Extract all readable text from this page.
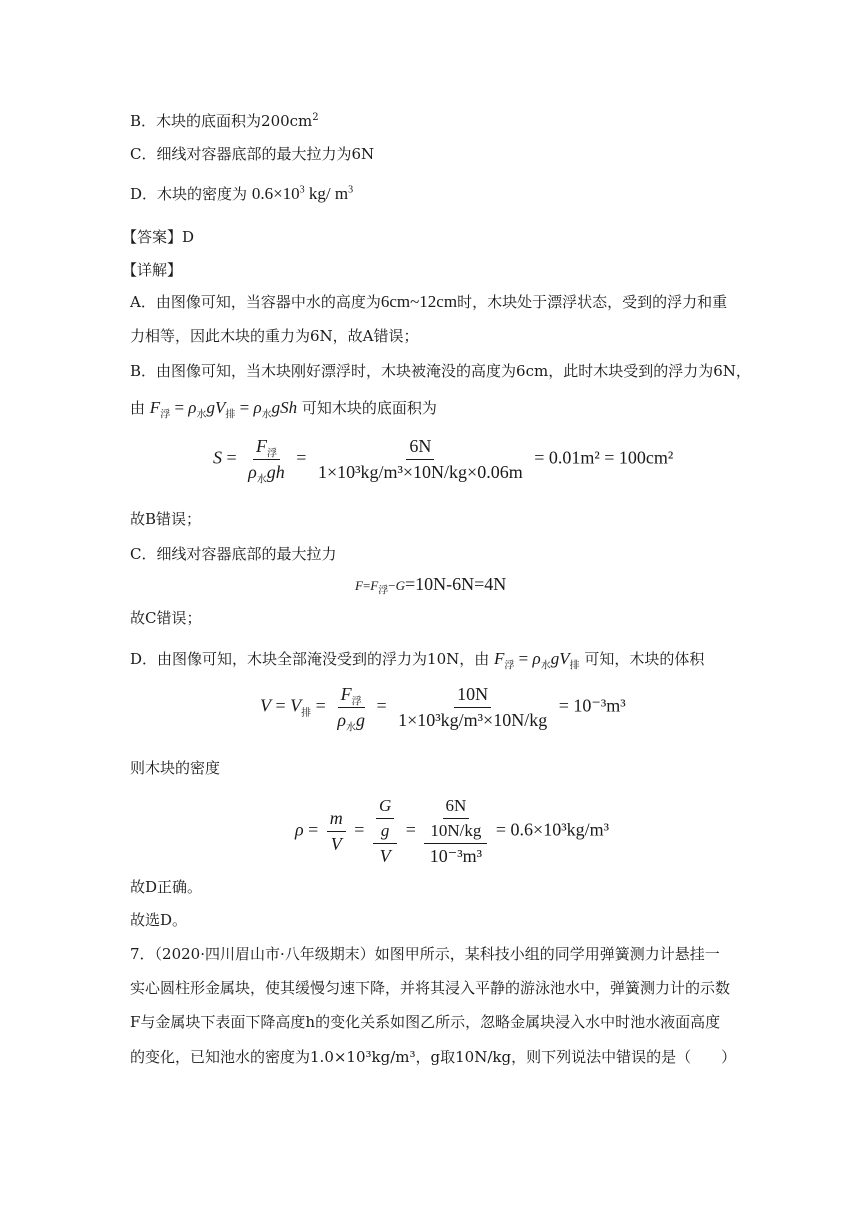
B．木块的底面积为$200cm^2$
C．细线对容器底部的最大拉力为6N
D．木块的密度为 $0.6\times 10^3$ kg/ $m^3$
【答案】D
【详解】
A．由图像可知，当容器中水的高度为6cm~12cm时，木块处于漂浮状态，受到的浮力和重
力相等，因此木块的重力为6N，故A错误；
B．由图像可知，当木块刚好漂浮时，木块被淹没的高度为6cm，此时木块受到的浮力为6N，
由 $F_浮 = \rho_水gV_排 = \rho_水gSh$ 可知木块的底面积为
$S = \frac{F_浮}{\rho_水gh} = \frac{6N}{\text{1×10³kg/m³×10N/kg×0.06m}} = 0.01m^2 = 100cm^2$
故B错误；
C．细线对容器底部的最大拉力
$F=F_浮-G=10N-6N=4N$
故C错误；
D．由图像可知，木块全部淹没受到的浮力为10N，由 $F_浮 = \rho_水gV_排$ 可知，木块的体积
$V = V_排 = \frac{F_浮}{\rho_水g} = \frac{10N}{\text{1×10³kg/m³×10N/kg}} = 10^{-3}m^3$
则木块的密度
$\rho = \frac{m}{V} = \frac{\frac{G}{g}}{V} = \frac{\frac{6N}{10N/kg}}{\text{10⁻³m³}} = 0.6\times 10^3kg/m^3$
故D正确。
故选D。
7．（2020·四川眉山市·八年级期末）如图甲所示，某科技小组的同学用弹簧测力计悬挂一
实心圆柱形金属块，使其缓慢匀速下降，并将其浸入平静的游泳池水中，弹簧测力计的示数
F与金属块下表面下降高度h的变化关系如图乙所示，忽略金属块浸入水中时池水液面高度
的变化，已知池水的密度为1.0×10³kg/m³，g取10N/kg，则下列说法中错误的是（　　）
